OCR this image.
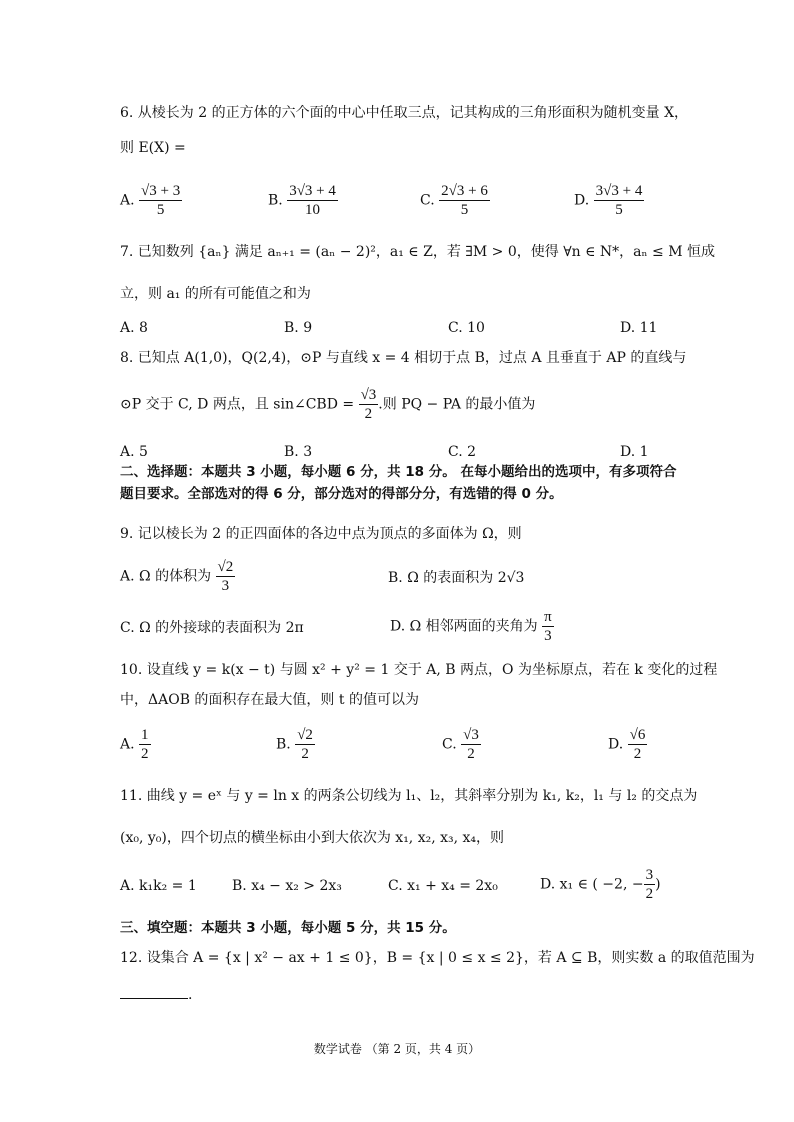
6. 从棱长为 2 的正方体的六个面的中心中任取三点，记其构成的三角形面积为随机变量 X，
则 E(X) =
A. $\frac{√3 + 3}{5}$	B. $\frac{3√3 + 4}{10}$	C. $\frac{2√3 + 6}{5}$	D. $\frac{3√3 + 4}{5}$
7. 已知数列 {aₙ} 满足 aₙ₊₁ = (aₙ − 2)²，a₁ ∈ Z，若 ∃M > 0，使得 ∀n ∈ N*，aₙ ≤ M 恒成
立，则 a₁ 的所有可能值之和为
A. 8	B. 9	C. 10	D. 11
8. 已知点 A(1,0)，Q(2,4)，⊙P 与直线 x = 4 相切于点 B，过点 A 且垂直于 AP 的直线与
⊙P 交于 C, D 两点，且 sin∠CBD = $\frac{√3}{2}$ .则 PQ − PA 的最小值为
A. 5	B. 3	C. 2	D. 1
二、选择题：本题共 3 小题，每小题 6 分，共 18 分。 在每小题给出的选项中，有多项符合
题目要求。全部选对的得 6 分，部分选对的得部分分，有选错的得 0 分。
9. 记以棱长为 2 的正四面体的各边中点为顶点的多面体为 Ω，则
A. Ω 的体积为 $\frac{√2}{3}$	B. Ω 的表面积为 2√3
C. Ω 的外接球的表面积为 2π	D. Ω 相邻两面的夹角为 $\frac{\pi}{3}$
10. 设直线 y = k(x − t) 与圆 x² + y² = 1 交于 A, B 两点，O 为坐标原点，若在 k 变化的过程
中，ΔAOB 的面积存在最大值，则 t 的值可以为
A. $\frac{1}{2}$	B. $\frac{√2}{2}$	C. $\frac{√3}{2}$	D. $\frac{√6}{2}$
11. 曲线 y = eˣ 与 y = ln x 的两条公切线为 l₁、l₂，其斜率分别为 k₁, k₂，l₁ 与 l₂ 的交点为
(x₀, y₀)，四个切点的横坐标由小到大依次为 x₁, x₂, x₃, x₄，则
A. k₁k₂ = 1	B. x₄ − x₂ > 2x₃	C. x₁ + x₄ = 2x₀	D. x₁ ∈ ( −2, − $\frac{3}{2}$ )
三、填空题：本题共 3 小题，每小题 5 分，共 15 分。
12. 设集合 A = {x | x² − ax + 1 ≤ 0}，B = {x | 0 ≤ x ≤ 2}，若 A ⊆ B，则实数 a 的取值范围为
.
数学试卷 （第 2 页，共 4 页）
